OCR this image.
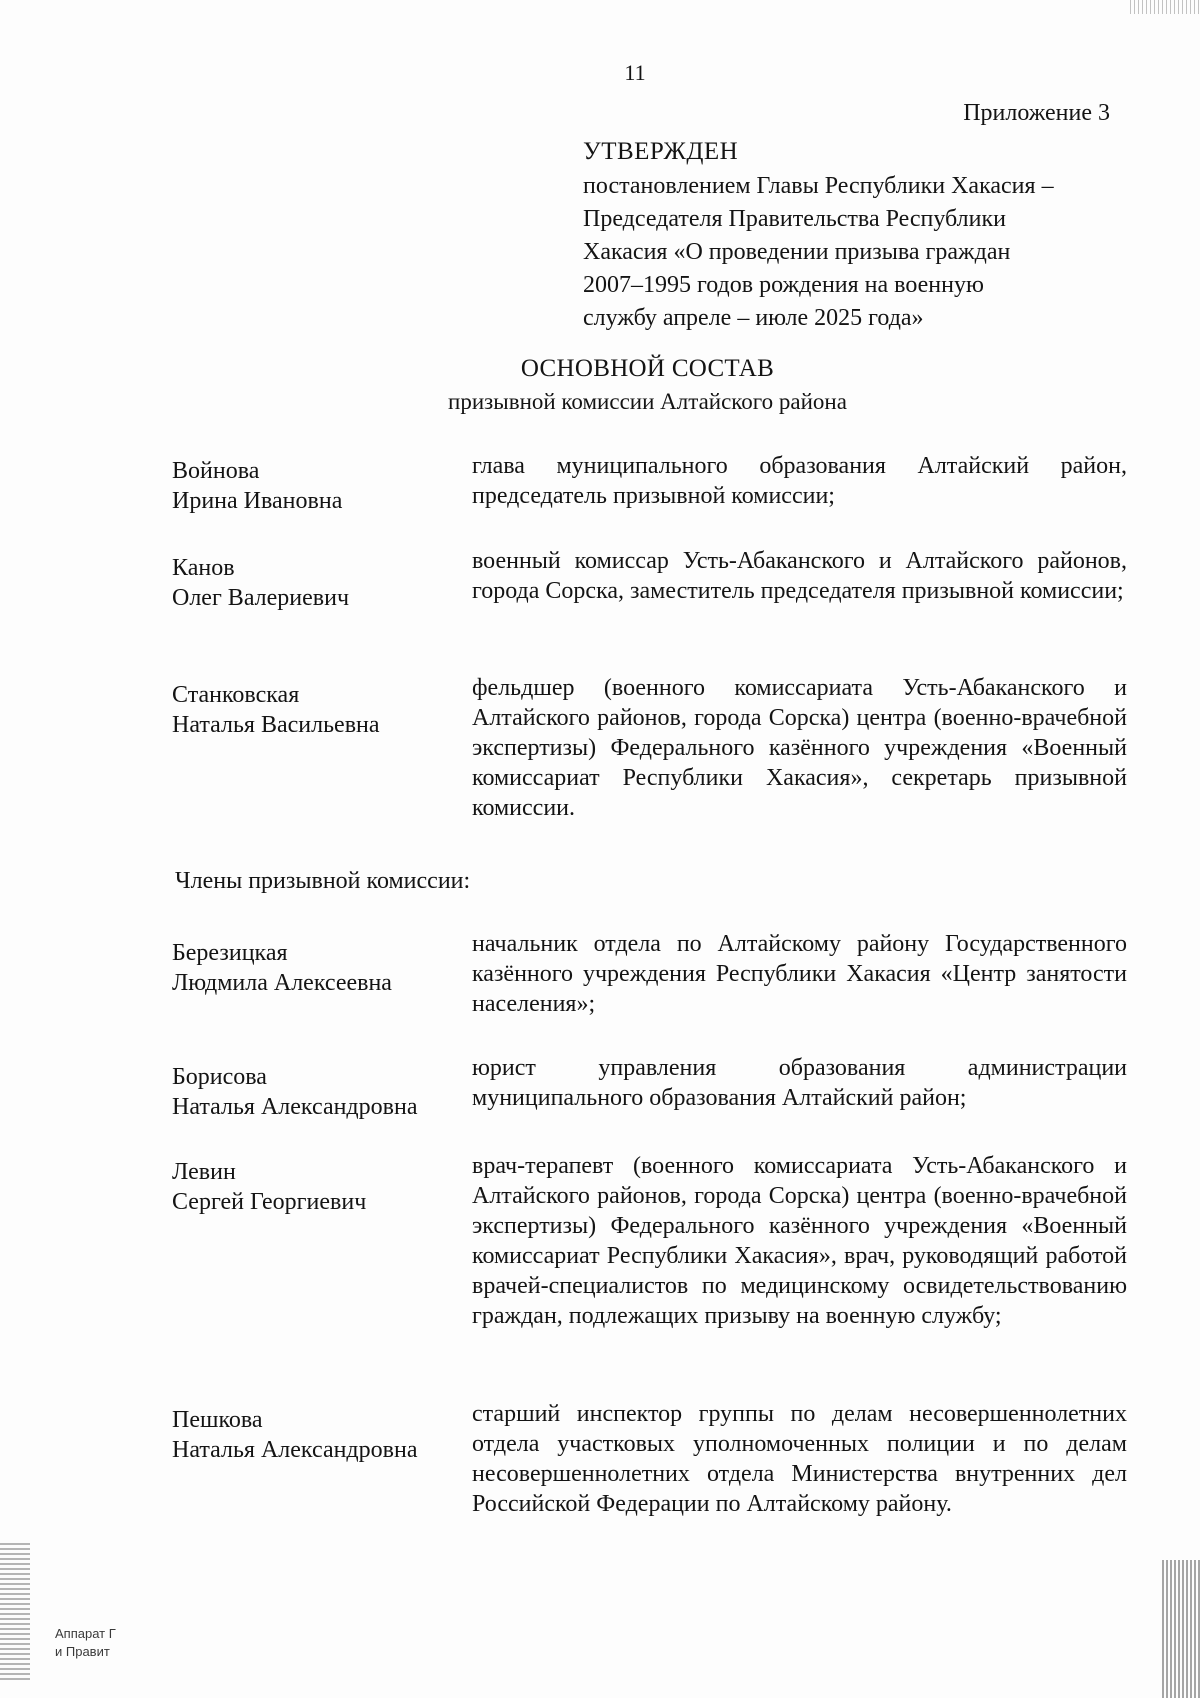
11
Приложение 3
УТВЕРЖДЕН
постановлением Главы Республики Хакасия –
Председателя Правительства Республики
Хакасия «О проведении призыва граждан
2007–1995 годов рождения на военную
службу апреле – июле 2025 года»
ОСНОВНОЙ СОСТАВ
призывной комиссии Алтайского района
Войнова
Ирина Ивановна
глава муниципального образования Алтайский район, председатель призывной комиссии;
Канов
Олег Валериевич
военный комиссар Усть-Абаканского и Алтайского районов, города Сорска, заместитель председателя призывной комиссии;
Станковская
Наталья Васильевна
фельдшер (военного комиссариата Усть-Абаканского и Алтайского районов, города Сорска) центра (военно-врачебной экспертизы) Федерального казённого учреждения «Военный комиссариат Республики Хакасия», секретарь призывной комиссии.
Члены призывной комиссии:
Березицкая
Людмила Алексеевна
начальник отдела по Алтайскому району Государственного казённого учреждения Республики Хакасия «Центр занятости населения»;
Борисова
Наталья Александровна
юрист управления образования администрации муниципального образования Алтайский район;
Левин
Сергей Георгиевич
врач-терапевт (военного комиссариата Усть-Абаканского и Алтайского районов, города Сорска) центра (военно-врачебной экспертизы) Федерального казённого учреждения «Военный комиссариат Республики Хакасия», врач, руководящий работой врачей-специалистов по медицинскому освидетельствованию граждан, подлежащих призыву на военную службу;
Пешкова
Наталья Александровна
старший инспектор группы по делам несовершеннолетних отдела участковых уполномоченных полиции и по делам несовершеннолетних отдела Министерства внутренних дел Российской Федерации по Алтайскому району.
Аппарат Г
и Правит
